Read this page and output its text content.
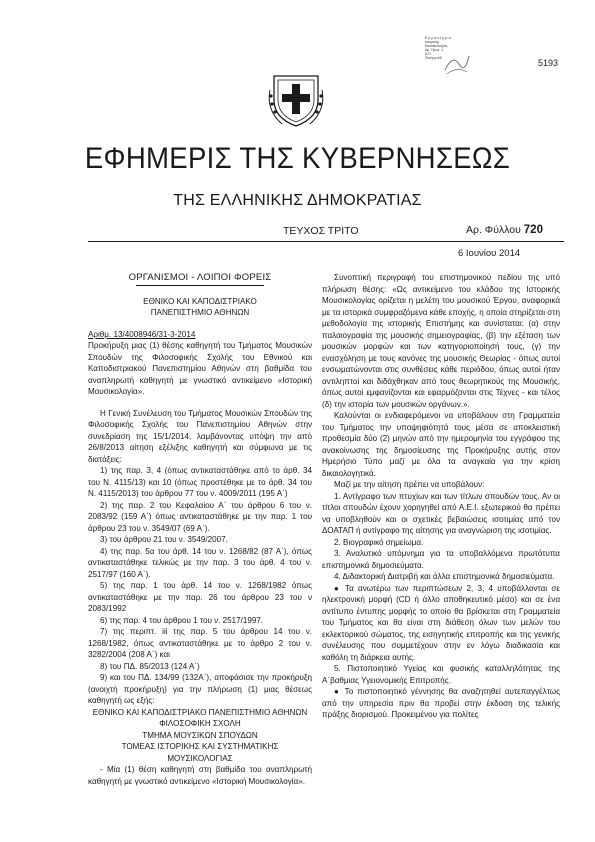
Ε ρ γ α σ τ ή ρ ι ο
Ιστορικής
Μουσικολογίας
Αρ. Πρωτ. 1
Α.Π.
Παν/μιο Αθ.	5193
ΕΦΗΜΕΡΙΣ ΤΗΣ ΚΥΒΕΡΝΗΣΕΩΣ
ΤΗΣ ΕΛΛΗΝΙΚΗΣ ΔΗΜΟΚΡΑΤΙΑΣ
ΤΕΥΧΟΣ ΤΡΙΤΟ	Αρ. Φύλλου 720
6 Ιουνίου 2014

ΟΡΓΑΝΙΣΜΟΙ - ΛΟΙΠΟΙ ΦΟΡΕΙΣ

ΕΘΝΙΚΟ ΚΑΙ ΚΑΠΟΔΙΣΤΡΙΑΚΟ

ΠΑΝΕΠΙΣΤΗΜΙΟ ΑΘΗΝΩΝ

Αριθμ. 13/4008946/31-3-2014

Προκήρυξη μιας (1) θέσης καθηγητή του Τμήματος Μουσικών Σπουδών της Φιλοσοφικής Σχολής του Εθνικού και Καποδιστριακού Πανεπιστημίου Αθηνών στη βαθμίδα του αναπληρωτή καθηγητή με γνωστικό αντικείμενο «Ιστορική Μουσικολογία».

Η Γενική Συνέλευση του Τμήματος Μουσικών Σπουδών της Φιλοσοφικής Σχολής του Πανεπιστημίου Αθηνών στην συνεδρίαση της 15/1/2014, λαμβάνοντας υπόψη την από 26/8/2013 αίτηση εξέλιξης καθηγητή και σύμφωνα με τις διατάξεις:

1) της παρ. 3, 4 (όπως αντικαταστάθηκε από το άρθ. 34 του Ν. 4115/13) και 10 (όπως προστέθηκε με το άρθ. 34 του Ν. 4115/2013) του άρθρου 77 του ν. 4009/2011 (195 Α΄)

2) της παρ. 2 του Κεφαλαίου Α΄ του άρθρου 6 του ν. 2083/92 (159 Α΄) όπως αντικαταστάθηκε με την παρ. 1 του άρθρου 23 του ν. 3549/07 (69 Α΄).

3) του άρθρου 21 του ν. 3549/2007.

4) της παρ. 5α του άρθ. 14 του ν. 1268/82 (87 Α΄), όπως αντικαταστάθηκε τελικώς με την παρ. 3 του άρθ. 4 του ν. 2517/97 (160 Α΄).

5) της παρ. 1 του άρθ. 14 του ν. 1268/1982 όπως αντικαταστάθηκε με την παρ. 26 του άρθρου 23 του ν 2083/1992

6) της παρ. 4 του άρθρου 1 του ν. 2517/1997.

7) της περιπτ. iii της παρ. 5 του άρθρου 14 του ν. 1268/1982, όπως αντικαταστάθηκε με το άρθρο 2 του ν. 3282/2004 (208 Α΄) και

8) του ΠΔ. 85/2013 (124 Α΄)

9) και του ΠΔ. 134/99 (132Α΄), αποφάσισε την προκήρυξη (ανοιχτή προκήρυξη) για την πλήρωση (1) μιας θέσεως καθηγητή ως εξής:

ΕΘΝΙΚΟ ΚΑΙ ΚΑΠΟΔΙΣΤΡΙΑΚΟ ΠΑΝΕΠΙΣΤΗΜΙΟ ΑΘΗΝΩΝ

ΦΙΛΟΣΟΦΙΚΗ ΣΧΟΛΗ

ΤΜΗΜΑ ΜΟΥΣΙΚΩΝ ΣΠΟΥΔΩΝ

ΤΟΜΕΑΣ ΙΣΤΟΡΙΚΗΣ ΚΑΙ ΣΥΣΤΗΜΑΤΙΚΗΣ ΜΟΥΣΙΚΟΛΟΓΙΑΣ

- Μία (1) θέση καθηγητή στη βαθμίδα του αναπληρωτή καθηγητή με γνωστικό αντικείμενο «Ιστορική Μουσικολογία».

Συνοπτική περιγραφή του επιστημονικού πεδίου της υπό πλήρωση θέσης: «Ως αντικείμενο του κλάδου της Ιστορικής Μουσικολογίας ορίζεται η μελέτη του μουσικού Έργου, αναφορικά με τα ιστορικά συμφραζόμενα κάθε εποχής, η οποία στηρίζεται στη μεθοδολογία της ιστορικής Επιστήμης και συνίσταται: (α) στην παλαιογραφία της μουσικής σημειογραφίας, (β) την εξέταση των μουσικών μορφών και των κατηγοριοποίησή τους, (γ) την ενασχόληση με τους κανόνες της μουσικής Θεωρίας - όπως αυτοί ενσωματώνονται στις συνθέσεις κάθε περιόδου, όπως αυτοί ήταν αντιληπτοί και διδάχθηκαν από τους θεωρητικούς της Μουσικής, όπως αυτοί εμφανίζονται και εφαρμόζονται στις Τέχνες - και τέλος (δ) την ιστορία των μουσικών οργάνων.».

Καλούνται οι ενδιαφερόμενοι να υποβάλουν στη Γραμματεία του Τμήματος την υποψηφιότητά τους μέσα σε αποκλειστική προθεσμία δύο (2) μηνών από την ημερομηνία του εγγράφου της ανακοίνωσης της δημοσίευσης της Προκήρυξης αυτής στον Ημερήσιο Τύπο μαζί με όλα τα αναγκαία για την κρίση δικαιολογητικά.

Μαζί με την αίτηση πρέπει να υποβάλουν:

1. Αντίγραφο των πτυχίων και των τίτλων σπουδών τους. Αν οι τίτλοι σπουδών έχουν χορηγηθεί από Α.Ε.Ι. εξωτερικού θα πρέπει να υποβληθούν και οι σχετικές βεβαιώσεις ισοτιμίας από τον ΔΟΑΤΑΠ ή αντίγραφο της αίτησης για αναγνώριση της ισοτιμίας.

2. Βιογραφικό σημείωμα.

3. Αναλυτικό υπόμνημα για τα υποβαλλόμενα πρωτότυπα επιστημονικά δημοσιεύματα.

4. Διδακτορική Διατριβή και άλλα επιστημονικά δημοσιεύματα.

● Τα ανωτέρω των περιπτώσεων 2, 3, 4 υποβάλλονται σε ηλεκτρονική μορφή (CD ή άλλο αποθηκευτικό μέσο) και σε ένα αντίτυπο έντυπης μορφής το οποίο θα βρίσκεται στη Γραμματεία του Τμήματος και θα είναι στη διάθεση όλων των μελών του εκλεκτορικού σώματος, της εισηγητικής επιτροπής και της γενικής συνέλευσης που συμμετέχουν στην εν λόγω διαδικασία και καθόλη τη διάρκεια αυτής.

5. Πιστοποιητικό Υγείας και φυσικής καταλληλότητας της Α΄βαθμιας Υγειονομικής Επιτροπής.

● Το πιστοποιητικό γέννησης θα αναζητηθεί αυτεπαγγέλτως από την υπηρεσία πριν θα προβεί στην έκδοση της τελικής πράξης διορισμού. Προκειμένου για πολίτες
